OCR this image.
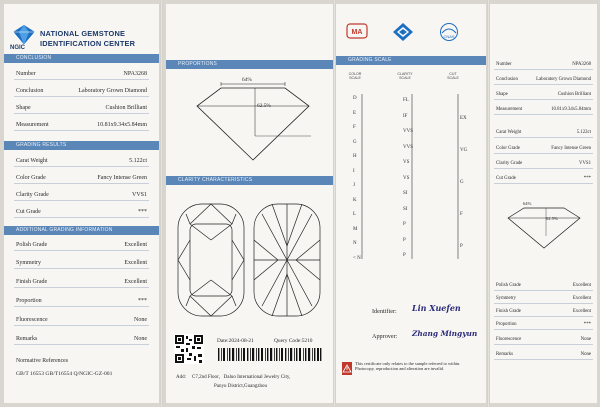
NGIC
NATIONAL GEMSTONE
IDENTIFICATION CENTER
CONCLUSION
Number	NPA3268
Conclusion	Laboratory Grown Diamond
Shape	Cushion Brilliant
Measurement	10.81x9.34x5.84mm
GRADING RESULTS
Carat Weight	5.122ct
Color Grade	Fancy Intense Green
Clarity Grade	VVS1
Cut Grade	***
ADDITIONAL GRADING INFORMATION
Polish Grade	Excellent
Symmetry	Excellent
Finish Grade	Excellent
Proportion	***
Fluorescence	None
Remarks	None
Normative References
GB/T 16553 GB/T16554 Q/NGIC-GZ-001
PROPORTIONS
64%
62.5%
CLARITY CHARACTERISTICS
Date:2024-08-21	Query Code:5210
Add: C7,2nd Floor，Daluo International Jewelry City,
Panyu District,Guangzhou
MA
CNAS
GRADING SCALE
COLOR
SCALE
CLARITY
SCALE
CUT
SCALE
D
E
F
G
H
I
J
K
L
M
N
< N
FL
IF
VVS
VVS
VS
VS
SI
SI
P
P
P
EX
VG
G
F
P
Identifier: Lin Xuefen
Approver: Zhang Mingyun
This certificate only relates to the sample referred to within. Photocopy, reproduction and alteration are invalid.
Number	NPA3268
Conclusion	Laboratory Grown Diamond
Shape	Cushion Brilliant
Measurement	10.81x9.34x5.84mm
Carat Weight	5.122ct
Color Grade	Fancy Intense Green
Clarity Grade	VVS1
Cut Grade	***
64%
62.5%
Polish Grade	Excellent
Symmetry	Excellent
Finish Grade	Excellent
Proportion	***
Fluorescence	None
Remarks	None
